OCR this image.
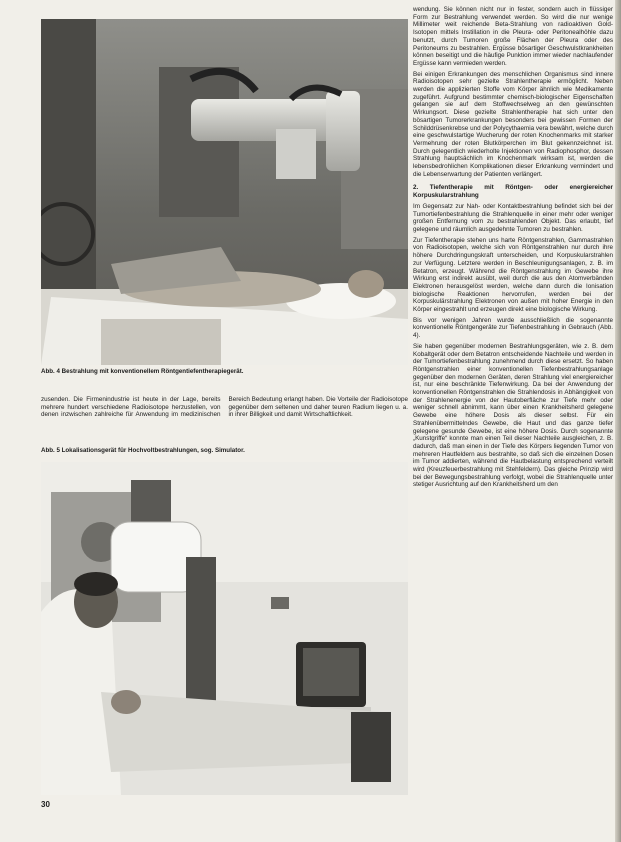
Abb. 4 Bestrahlung mit konventionellem Röntgentiefentherapiegerät.

zusenden. Die Firmenindustrie ist heute in der Lage, bereits mehrere hundert verschiedene Radioisotope herzustellen, von denen inzwischen zahlreiche für Anwendung im medizinischen Bereich Bedeutung erlangt haben. Die Vorteile der Radioisotope gegenüber dem seltenen und daher teuren Radium liegen u. a. in ihrer Billigkeit und damit Wirtschaftlichkeit.

Abb. 5 Lokalisationsgerät für Hochvoltbestrahlungen, sog. Simulator.

wendung. Sie können nicht nur in fester, sondern auch in flüssiger Form zur Bestrahlung verwendet werden. So wird die nur wenige Millimeter weit reichende Beta-Strahlung von radioaktiven Gold-Isotopen mittels Instillation in die Pleura- oder Peritonealhöhle dazu benutzt, durch Tumoren große Flächen der Pleura oder des Peritoneums zu bestrahlen. Ergüsse bösartiger Geschwulstkrankheiten können beseitigt und die häufige Punktion immer wieder nachlaufender Ergüsse kann vermieden werden.

Bei einigen Erkrankungen des menschlichen Organismus sind innere Radioisotopen sehr gezielte Strahlentherapie ermöglicht. Neben werden die applizierten Stoffe vom Körper ähnlich wie Medikamente zugeführt. Aufgrund bestimmter chemisch-biologischer Eigenschaften gelangen sie auf dem Stoffwechselweg an den gewünschten Wirkungsort. Diese gezielte Strahlentherapie hat sich unter den bösartigen Tumorerkrankungen besonders bei gewissen Formen der Schilddrüsenkrebse und der Polycythaemia vera bewährt, welche durch eine geschwulstartige Wucherung der roten Knochenmarks mit starker Vermehrung der roten Blutkörperchen im Blut gekennzeichnet ist. Durch gelegentlich wiederholte Injektionen von Radiophosphor, dessen Strahlung hauptsächlich im Knochenmark wirksam ist, werden die lebensbedrohlichen Komplikationen dieser Erkrankung vermindert und die Lebenserwartung der Patienten verlängert.

2. Tiefentherapie mit Röntgen- oder energiereicher Korpuskularstrahlung

Im Gegensatz zur Nah- oder Kontaktbestrahlung befindet sich bei der Tumortiefenbestrahlung die Strahlenquelle in einer mehr oder weniger großen Entfernung vom zu bestrahlenden Objekt. Das erlaubt, tief gelegene und räumlich ausgedehnte Tumoren zu bestrahlen.

Zur Tiefentherapie stehen uns harte Röntgenstrahlen, Gammastrahlen von Radioisotopen, welche sich von Röntgenstrahlen nur durch ihre höhere Durchdringungskraft unterscheiden, und Korpuskularstrahlen zur Verfügung. Letztere werden in Beschleunigungsanlagen, z. B. im Betatron, erzeugt. Während die Röntgenstrahlung im Gewebe ihre Wirkung erst indirekt ausübt, weil durch die aus den Atomverbänden Elektronen herausgelöst werden, welche dann durch die Ionisation biologische Reaktionen hervorrufen, werden bei der Korpuskulärstrahlung Elektronen von außen mit hoher Energie in den Körper eingestrahlt und erzeugen direkt eine biologische Wirkung.

Bis vor wenigen Jahren wurde ausschließlich die sogenannte konventionelle Röntgengeräte zur Tiefenbestrahlung in Gebrauch (Abb. 4).

Sie haben gegenüber modernen Bestrahlungsgeräten, wie z. B. dem Kobaltgerät oder dem Betatron entscheidende Nachteile und werden in der Tumortiefenbestrahlung zunehmend durch diese ersetzt. So haben Röntgenstrahlen einer konventionellen Tiefenbestrahlungsanlage gegenüber den modernen Geräten, deren Strahlung viel energiereicher ist, nur eine beschränkte Tiefenwirkung. Da bei der Anwendung der konventionellen Röntgenstrahlen die Strahlendosis in Abhängigkeit von der Strahlenenergie von der Hautoberfläche zur Tiefe mehr oder weniger schnell abnimmt, kann über einen Krankheitsherd gelegene Gewebe eine höhere Dosis als dieser selbst. Für ein Strahlenübermittelndes Gewebe, die Haut und das ganze tiefer gelegene gesunde Gewebe, ist eine höhere Dosis. Durch sogenannte „Kunstgriffe“ konnte man einen Teil dieser Nachteile ausgleichen, z. B. dadurch, daß man einen in der Tiefe des Körpers liegenden Tumor von mehreren Hautfeldern aus bestrahlte, so daß sich die einzelnen Dosen im Tumor addierten, während die Hautbelastung entsprechend verteilt wird (Kreuzfeuerbestrahlung mit Stehfeldern). Das gleiche Prinzip wird bei der Bewegungsbestrahlung verfolgt, wobei die Strahlenquelle unter stetiger Ausrichtung auf den Krankheitsherd um den

30
